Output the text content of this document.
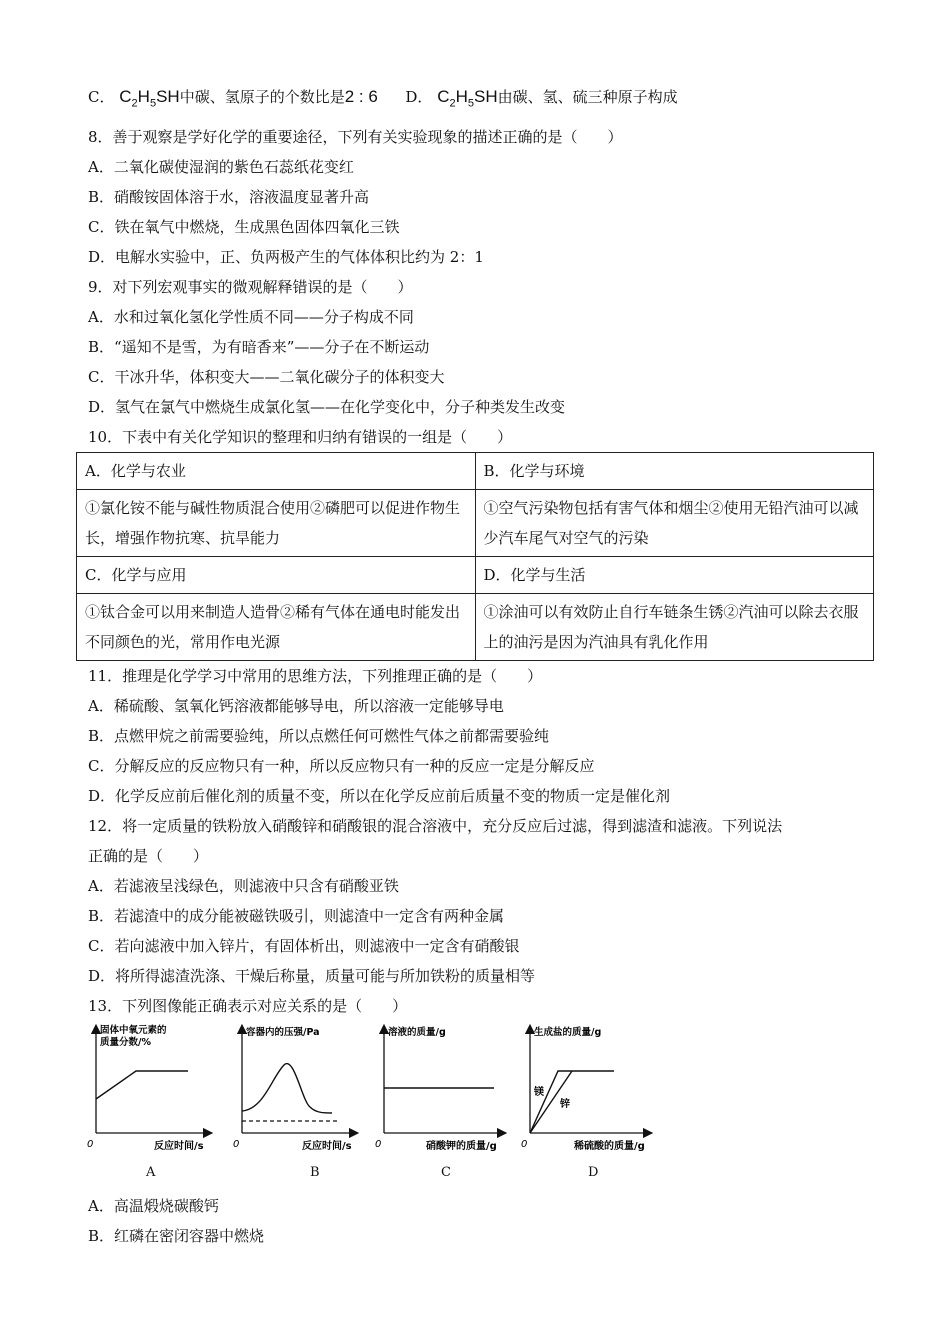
C． $C_2H_5SH$中碳、氢原子的个数比是2 : 6 D． $C_2H_5SH$由碳、氢、硫三种原子构成
8．善于观察是学好化学的重要途径，下列有关实验现象的描述正确的是（　　）
A．二氧化碳使湿润的紫色石蕊纸花变红
B．硝酸铵固体溶于水，溶液温度显著升高
C．铁在氧气中燃烧，生成黑色固体四氧化三铁
D．电解水实验中，正、负两极产生的气体体积比约为 2：1
9．对下列宏观事实的微观解释错误的是（　　）
A．水和过氧化氢化学性质不同——分子构成不同
B．“遥知不是雪，为有暗香来”——分子在不断运动
C．干冰升华，体积变大——二氧化碳分子的体积变大
D．氢气在氯气中燃烧生成氯化氢——在化学变化中，分子种类发生改变
10．下表中有关化学知识的整理和归纳有错误的一组是（　　）
A．化学与农业	B．化学与环境
①氯化铵不能与碱性物质混合使用②磷肥可以促进作物生长，增强作物抗寒、抗旱能力	①空气污染物包括有害气体和烟尘②使用无铅汽油可以减少汽车尾气对空气的污染
C．化学与应用	D．化学与生活
①钛合金可以用来制造人造骨②稀有气体在通电时能发出不同颜色的光，常用作电光源	①涂油可以有效防止自行车链条生锈②汽油可以除去衣服上的油污是因为汽油具有乳化作用
11．推理是化学学习中常用的思维方法，下列推理正确的是（　　）
A．稀硫酸、氢氧化钙溶液都能够导电，所以溶液一定能够导电
B．点燃甲烷之前需要验纯，所以点燃任何可燃性气体之前都需要验纯
C．分解反应的反应物只有一种，所以反应物只有一种的反应一定是分解反应
D．化学反应前后催化剂的质量不变，所以在化学反应前后质量不变的物质一定是催化剂
12．将一定质量的铁粉放入硝酸锌和硝酸银的混合溶液中，充分反应后过滤，得到滤渣和滤液。下列说法
正确的是（　　）
A．若滤液呈浅绿色，则滤液中只含有硝酸亚铁
B．若滤渣中的成分能被磁铁吸引，则滤渣中一定含有两种金属
C．若向滤液中加入锌片，有固体析出，则滤液中一定含有硝酸银
D．将所得滤渣洗涤、干燥后称量，质量可能与所加铁粉的质量相等
13．下列图像能正确表示对应关系的是（　　）
固体中氧元素的
质量分数/%
反应时间/s
0
容器内的压强/Pa
反应时间/s
0
溶液的质量/g
硝酸钾的质量/g
0
生成盐的质量/g
稀硫酸的质量/g
0
镁
锌
A	B	C	D
A．高温煅烧碳酸钙
B．红磷在密闭容器中燃烧
